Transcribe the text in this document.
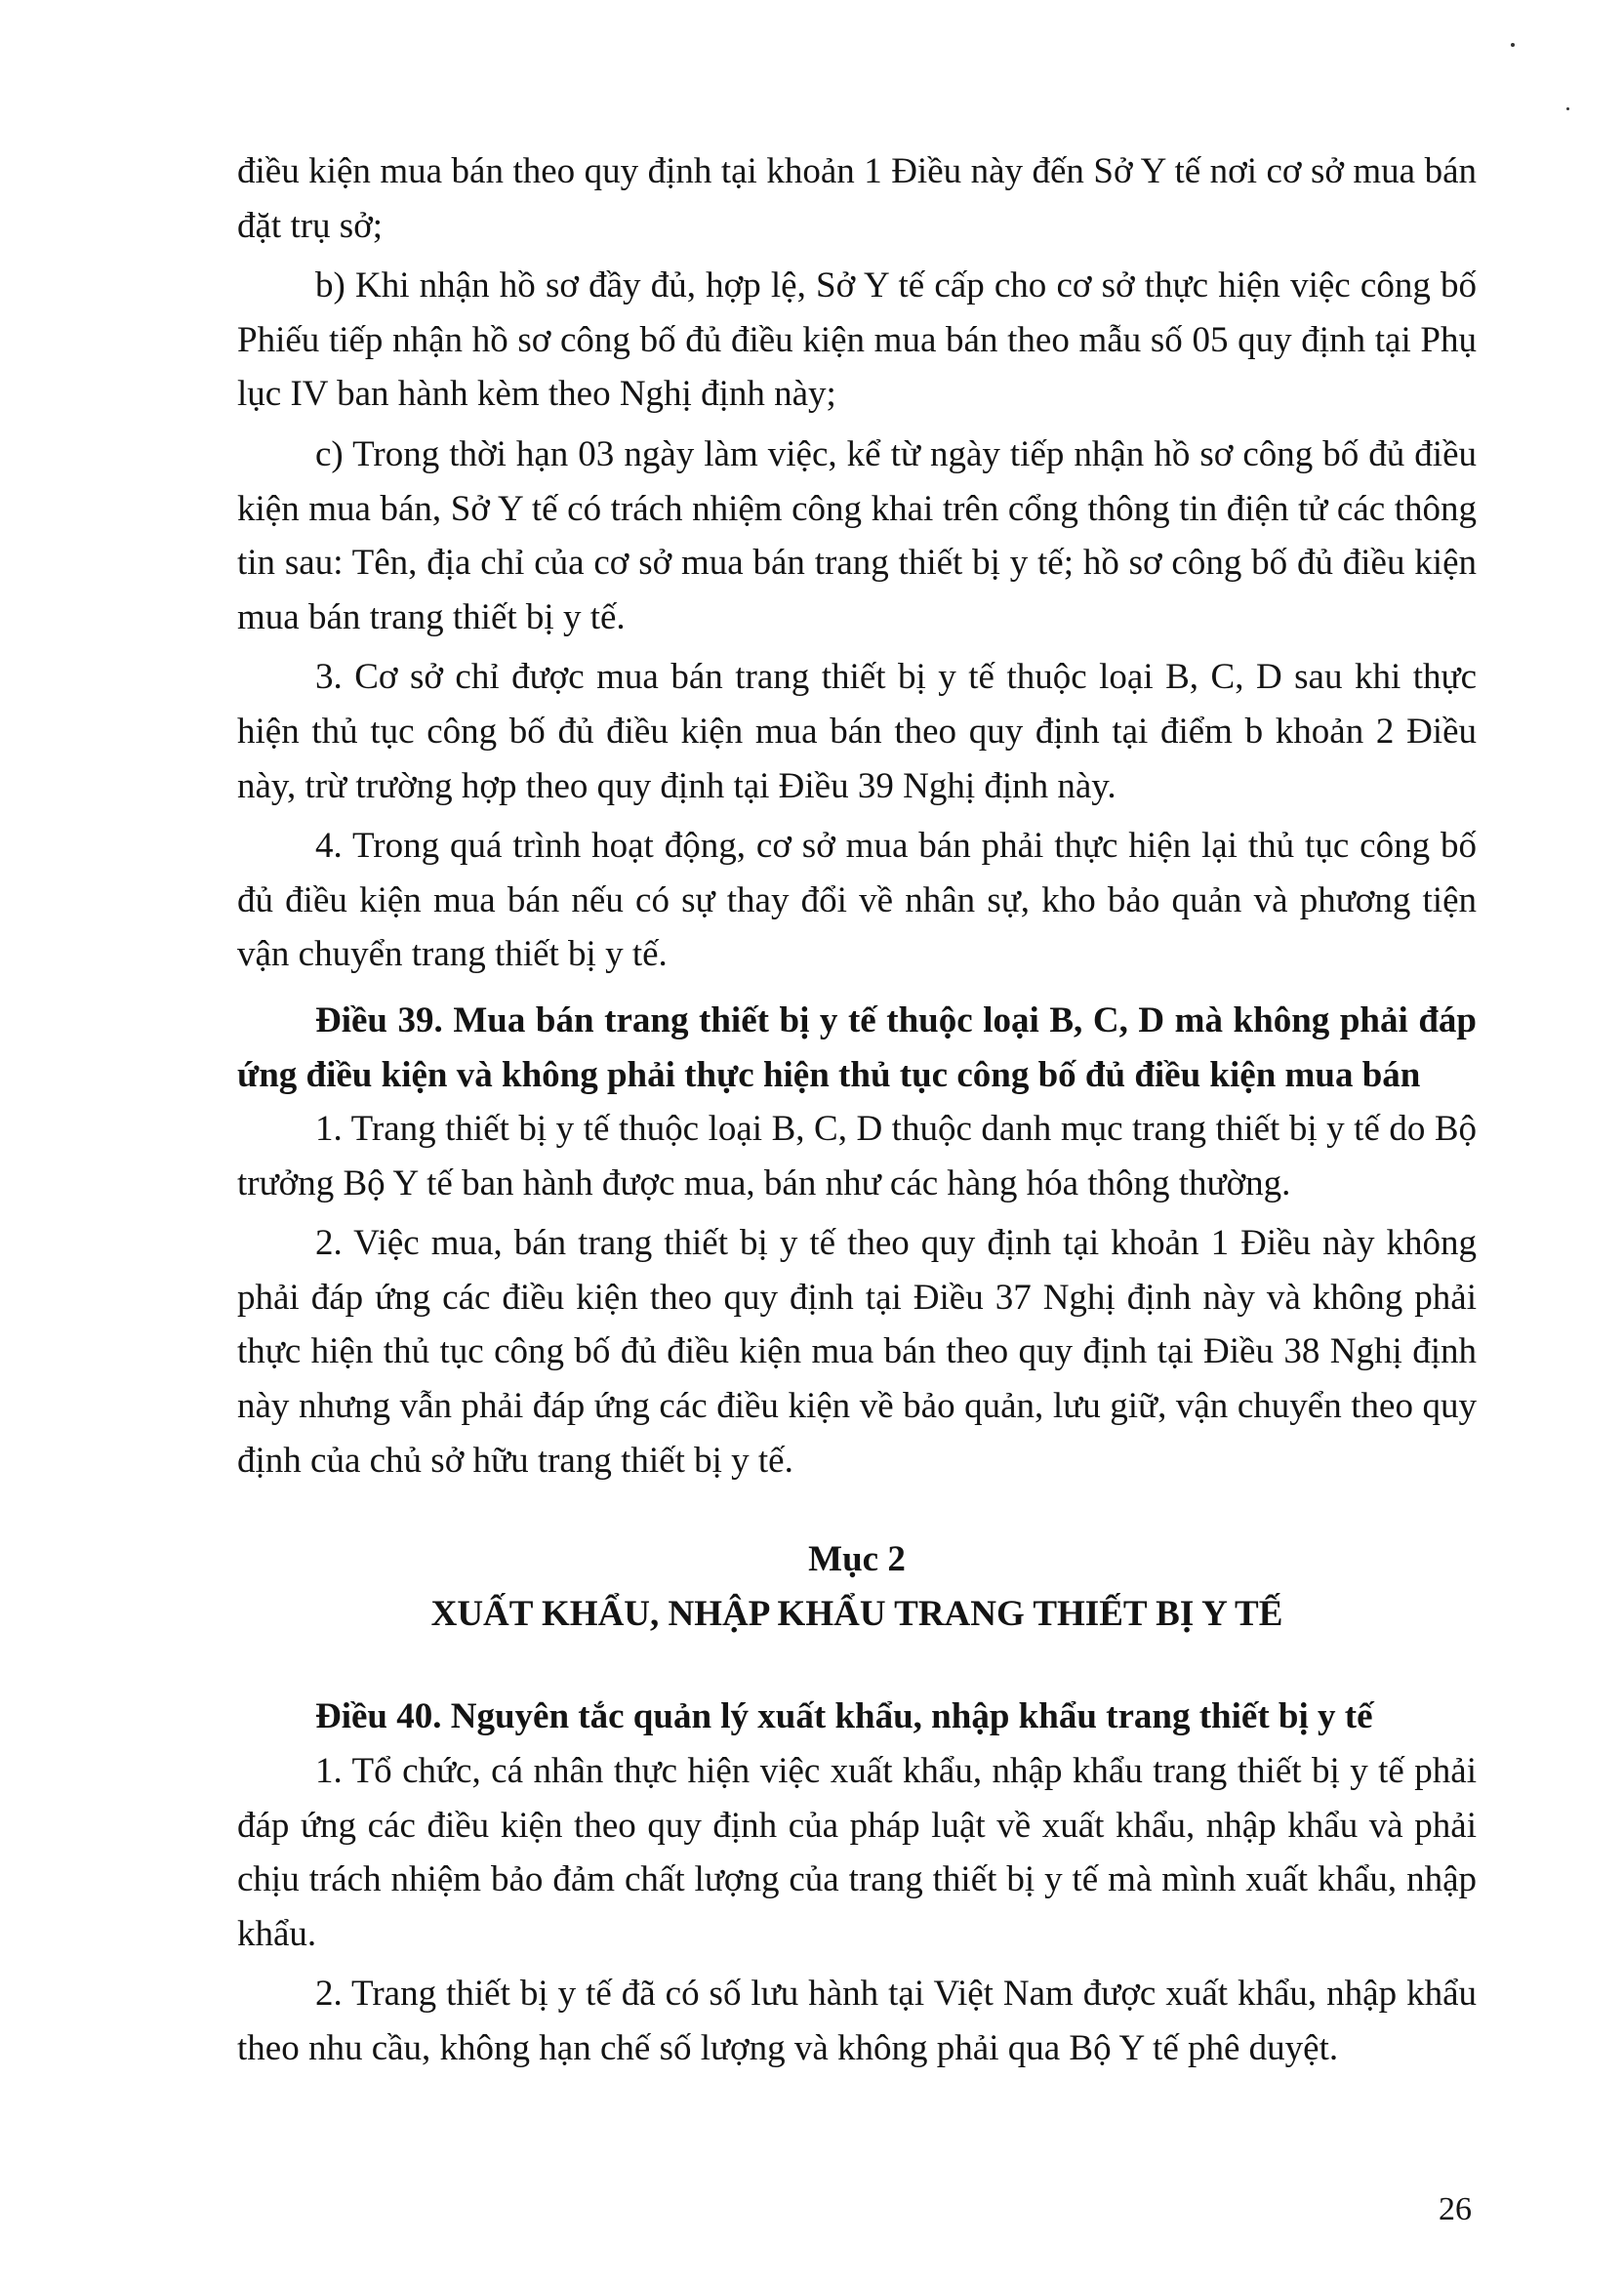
điều kiện mua bán theo quy định tại khoản 1 Điều này đến Sở Y tế nơi cơ sở mua bán đặt trụ sở;

b) Khi nhận hồ sơ đầy đủ, hợp lệ, Sở Y tế cấp cho cơ sở thực hiện việc công bố Phiếu tiếp nhận hồ sơ công bố đủ điều kiện mua bán theo mẫu số 05 quy định tại Phụ lục IV ban hành kèm theo Nghị định này;

c) Trong thời hạn 03 ngày làm việc, kể từ ngày tiếp nhận hồ sơ công bố đủ điều kiện mua bán, Sở Y tế có trách nhiệm công khai trên cổng thông tin điện tử các thông tin sau: Tên, địa chỉ của cơ sở mua bán trang thiết bị y tế; hồ sơ công bố đủ điều kiện mua bán trang thiết bị y tế.

3. Cơ sở chỉ được mua bán trang thiết bị y tế thuộc loại B, C, D sau khi thực hiện thủ tục công bố đủ điều kiện mua bán theo quy định tại điểm b khoản 2 Điều này, trừ trường hợp theo quy định tại Điều 39 Nghị định này.

4. Trong quá trình hoạt động, cơ sở mua bán phải thực hiện lại thủ tục công bố đủ điều kiện mua bán nếu có sự thay đổi về nhân sự, kho bảo quản và phương tiện vận chuyển trang thiết bị y tế.

Điều 39. Mua bán trang thiết bị y tế thuộc loại B, C, D mà không phải đáp ứng điều kiện và không phải thực hiện thủ tục công bố đủ điều kiện mua bán

1. Trang thiết bị y tế thuộc loại B, C, D thuộc danh mục trang thiết bị y tế do Bộ trưởng Bộ Y tế ban hành được mua, bán như các hàng hóa thông thường.

2. Việc mua, bán trang thiết bị y tế theo quy định tại khoản 1 Điều này không phải đáp ứng các điều kiện theo quy định tại Điều 37 Nghị định này và không phải thực hiện thủ tục công bố đủ điều kiện mua bán theo quy định tại Điều 38 Nghị định này nhưng vẫn phải đáp ứng các điều kiện về bảo quản, lưu giữ, vận chuyển theo quy định của chủ sở hữu trang thiết bị y tế.

Mục 2

XUẤT KHẨU, NHẬP KHẨU TRANG THIẾT BỊ Y TẾ

Điều 40. Nguyên tắc quản lý xuất khẩu, nhập khẩu trang thiết bị y tế

1. Tổ chức, cá nhân thực hiện việc xuất khẩu, nhập khẩu trang thiết bị y tế phải đáp ứng các điều kiện theo quy định của pháp luật về xuất khẩu, nhập khẩu và phải chịu trách nhiệm bảo đảm chất lượng của trang thiết bị y tế mà mình xuất khẩu, nhập khẩu.

2. Trang thiết bị y tế đã có số lưu hành tại Việt Nam được xuất khẩu, nhập khẩu theo nhu cầu, không hạn chế số lượng và không phải qua Bộ Y tế phê duyệt.

26
